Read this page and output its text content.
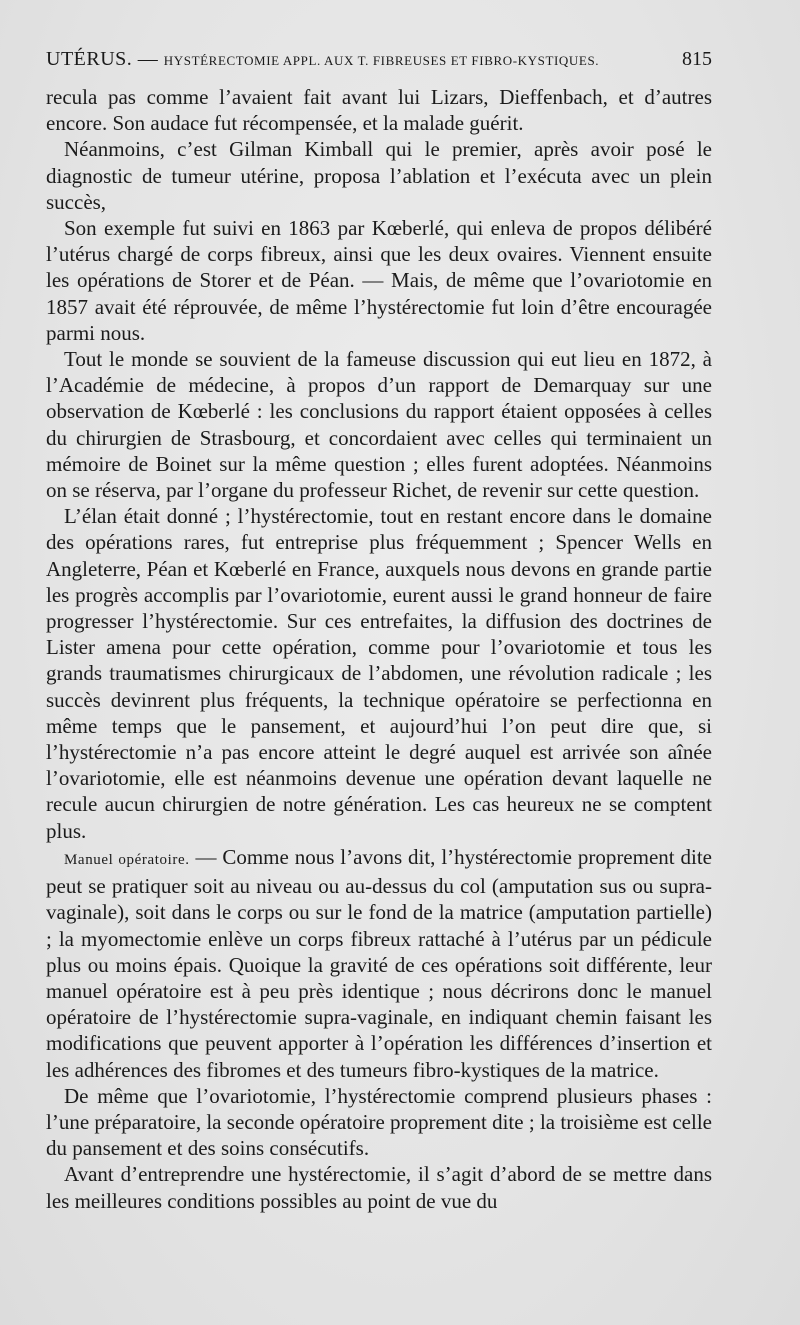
UTÉRUS. — HYSTÉRECTOMIE APPL. AUX T. FIBREUSES ET FIBRO-KYSTIQUES.	815

recula pas comme l’avaient fait avant lui Lizars, Dieffenbach, et d’autres encore. Son audace fut récompensée, et la malade guérit.

Néanmoins, c’est Gilman Kimball qui le premier, après avoir posé le diagnostic de tumeur utérine, proposa l’ablation et l’exécuta avec un plein succès,

Son exemple fut suivi en 1863 par Kœberlé, qui enleva de propos délibéré l’utérus chargé de corps fibreux, ainsi que les deux ovaires. Viennent ensuite les opérations de Storer et de Péan. — Mais, de même que l’ovariotomie en 1857 avait été réprouvée, de même l’hystérectomie fut loin d’être encouragée parmi nous.

Tout le monde se souvient de la fameuse discussion qui eut lieu en 1872, à l’Académie de médecine, à propos d’un rapport de Demarquay sur une observation de Kœberlé : les conclusions du rapport étaient opposées à celles du chirurgien de Strasbourg, et concordaient avec celles qui terminaient un mémoire de Boinet sur la même question ; elles furent adoptées. Néanmoins on se réserva, par l’organe du professeur Richet, de revenir sur cette question.

L’élan était donné ; l’hystérectomie, tout en restant encore dans le domaine des opérations rares, fut entreprise plus fréquemment ; Spencer Wells en Angleterre, Péan et Kœberlé en France, auxquels nous devons en grande partie les progrès accomplis par l’ovariotomie, eurent aussi le grand honneur de faire progresser l’hystérectomie. Sur ces entrefaites, la diffusion des doctrines de Lister amena pour cette opération, comme pour l’ovariotomie et tous les grands traumatismes chirurgicaux de l’abdomen, une révolution radicale ; les succès devinrent plus fréquents, la technique opératoire se perfectionna en même temps que le pansement, et aujourd’hui l’on peut dire que, si l’hystérectomie n’a pas encore atteint le degré auquel est arrivée son aînée l’ovariotomie, elle est néanmoins devenue une opération devant laquelle ne recule aucun chirurgien de notre génération. Les cas heureux ne se comptent plus.

Manuel opératoire. — Comme nous l’avons dit, l’hystérectomie proprement dite peut se pratiquer soit au niveau ou au-dessus du col (amputation sus ou supra-vaginale), soit dans le corps ou sur le fond de la matrice (amputation partielle) ; la myomectomie enlève un corps fibreux rattaché à l’utérus par un pédicule plus ou moins épais. Quoique la gravité de ces opérations soit différente, leur manuel opératoire est à peu près identique ; nous décrirons donc le manuel opératoire de l’hystérectomie supra-vaginale, en indiquant chemin faisant les modifications que peuvent apporter à l’opération les différences d’insertion et les adhérences des fibromes et des tumeurs fibro-kystiques de la matrice.

De même que l’ovariotomie, l’hystérectomie comprend plusieurs phases : l’une préparatoire, la seconde opératoire proprement dite ; la troisième est celle du pansement et des soins consécutifs.

Avant d’entreprendre une hystérectomie, il s’agit d’abord de se mettre dans les meilleures conditions possibles au point de vue du
